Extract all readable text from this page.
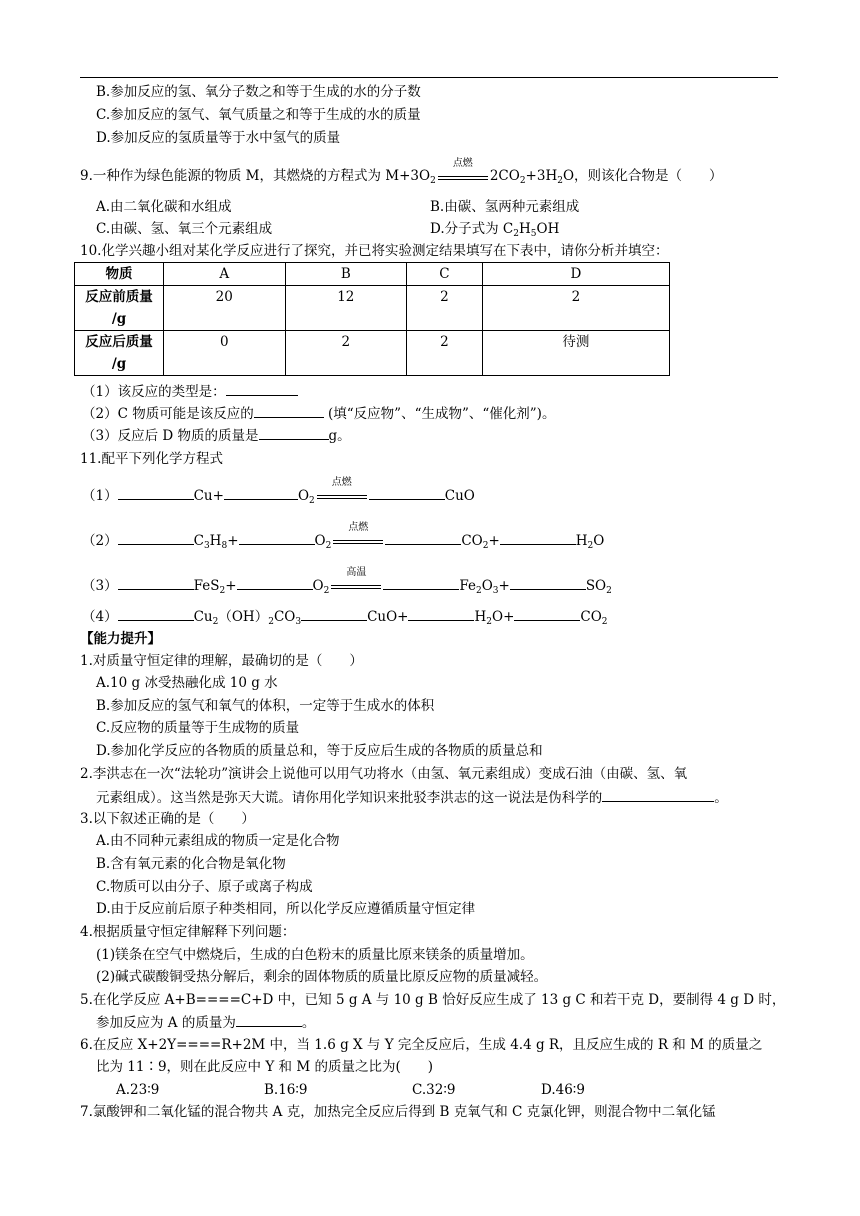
B.参加反应的氢、氧分子数之和等于生成的水的分子数
C.参加反应的氢气、氧气质量之和等于生成的水的质量
D.参加反应的氢质量等于水中氢气的质量
9.一种作为绿色能源的物质 M，其燃烧的方程式为 $M+3O_2$
点燃
$2CO_2+3H_2O$，则该化合物是（　　）
A.由二氧化碳和水组成	B.由碳、氢两种元素组成
C.由碳、氢、氧三个元素组成	D.分子式为 $C_2H_5OH$
10.化学兴趣小组对某化学反应进行了探究，并已将实验测定结果填写在下表中，请你分析并填空：
物质	A	B	C	D
反应前质量
/g	20	12	2	2
反应后质量
/g	0	2	2	待测
（1）该反应的类型是：
（2）C 物质可能是该反应的	(填“反应物”、“生成物”、“催化剂”)。
（3）反应后 D 物质的质量是	g。
11.配平下列化学方程式
（1）	Cu+	$O_2$
点燃
CuO
（2）	$C_3H_8+$	$O_2$
点燃
$CO_2+$	$H_2O$
（3）	FeS$_2$+	$O_2$
高温
$Fe_2O_3+$	$SO_2$
（4）	$Cu_2(OH)_2CO_3$	CuO+	$H_2O+$	$CO_2$
【能力提升】
1.对质量守恒定律的理解，最确切的是（　　）
A.10 g 冰受热融化成 10 g 水
B.参加反应的氢气和氧气的体积，一定等于生成水的体积
C.反应物的质量等于生成物的质量
D.参加化学反应的各物质的质量总和，等于反应后生成的各物质的质量总和
2.李洪志在一次“法轮功”演讲会上说他可以用气功将水（由氢、氧元素组成）变成石油（由碳、氢、氧
元素组成）。这当然是弥天大谎。请你用化学知识来批驳李洪志的这一说法是伪科学的	。
3.以下叙述正确的是（　　）
A.由不同种元素组成的物质一定是化合物
B.含有氧元素的化合物是氧化物
C.物质可以由分子、原子或离子构成
D.由于反应前后原子种类相同，所以化学反应遵循质量守恒定律
4.根据质量守恒定律解释下列问题：
(1)镁条在空气中燃烧后，生成的白色粉末的质量比原来镁条的质量增加。
(2)碱式碳酸铜受热分解后，剩余的固体物质的质量比原反应物的质量减轻。
5.在化学反应 A+B====C+D 中，已知 5 g A 与 10 g B 恰好反应生成了 13 g C 和若干克 D，要制得 4 g D 时，
参加反应为 A 的质量为	。
6.在反应 X+2Y====R+2M 中，当 1.6 g X 与 Y 完全反应后，生成 4.4 g R，且反应生成的 R 和 M 的质量之
比为 11∶9，则在此反应中 Y 和 M 的质量之比为(　　)
A.23∶9	B.16∶9	C.32∶9	D.46∶9
7.氯酸钾和二氧化锰的混合物共 A 克，加热完全反应后得到 B 克氧气和 C 克氯化钾，则混合物中二氧化锰
